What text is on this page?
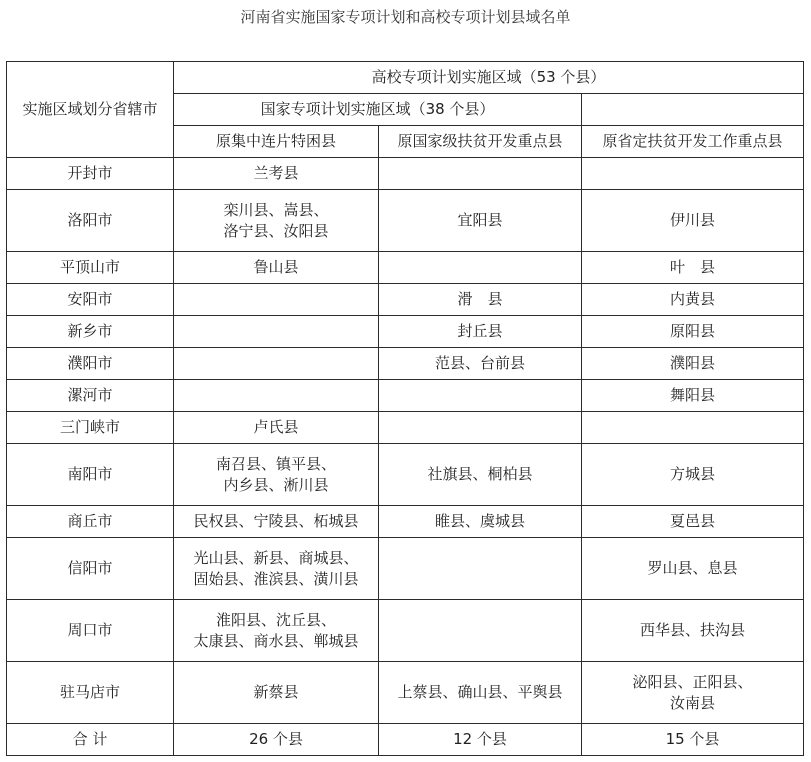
河南省实施国家专项计划和高校专项计划县域名单
实施区域划分省辖市	高校专项计划实施区域（53 个县）		
	国家专项计划实施区域（38 个县）		
	原集中连片特困县	原国家级扶贫开发重点县	原省定扶贫开发工作重点县
开封市	兰考县		

洛阳市	栾川县、嵩县、
洛宁县、汝阳县	宜阳县	伊川县

平顶山市	鲁山县		叶　县

安阳市		滑　县	内黄县

新乡市		封丘县	原阳县

濮阳市		范县、台前县	濮阳县

漯河市			舞阳县

三门峡市	卢氏县		

南阳市	南召县、镇平县、
内乡县、淅川县	社旗县、桐柏县	方城县

商丘市	民权县、宁陵县、柘城县	睢县、虞城县	夏邑县

信阳市	光山县、新县、商城县、
固始县、淮滨县、潢川县		罗山县、息县

周口市	淮阳县、沈丘县、
太康县、商水县、郸城县		西华县、扶沟县

驻马店市	新蔡县	上蔡县、确山县、平舆县	泌阳县、正阳县、
汝南县

合 计	26 个县	12 个县	15 个县
